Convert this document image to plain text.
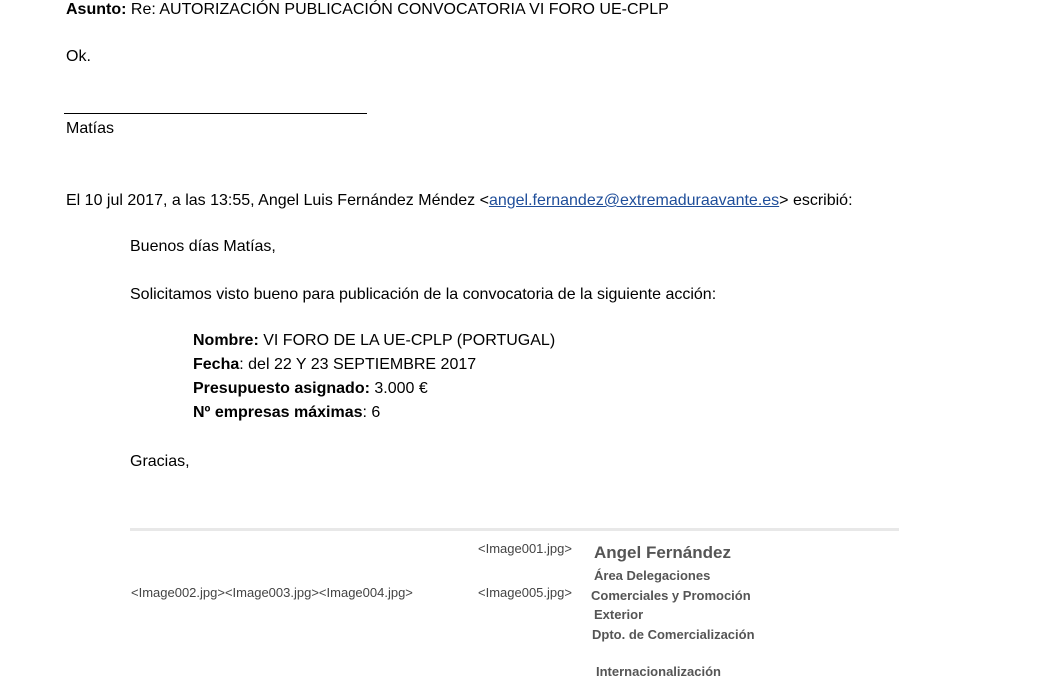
Asunto: Re: AUTORIZACIÓN PUBLICACIÓN CONVOCATORIA VI FORO UE-CPLP
Ok.
Matías
El 10 jul 2017, a las 13:55, Angel Luis Fernández Méndez <angel.fernandez@extremaduraavante.es> escribió:
Buenos días Matías,
Solicitamos visto bueno para publicación de la convocatoria de la siguiente acción:
Nombre: VI FORO DE LA UE-CPLP (PORTUGAL)
Fecha: del 22 Y 23 SEPTIEMBRE 2017
Presupuesto asignado: 3.000 €
Nº empresas máximas: 6
Gracias,
<Image001.jpg>
<Image002.jpg><Image003.jpg><Image004.jpg>	<Image005.jpg>
Angel Fernández
Área Delegaciones
Comerciales y Promoción
Exterior
Dpto. de Comercialización
Internacionalización
